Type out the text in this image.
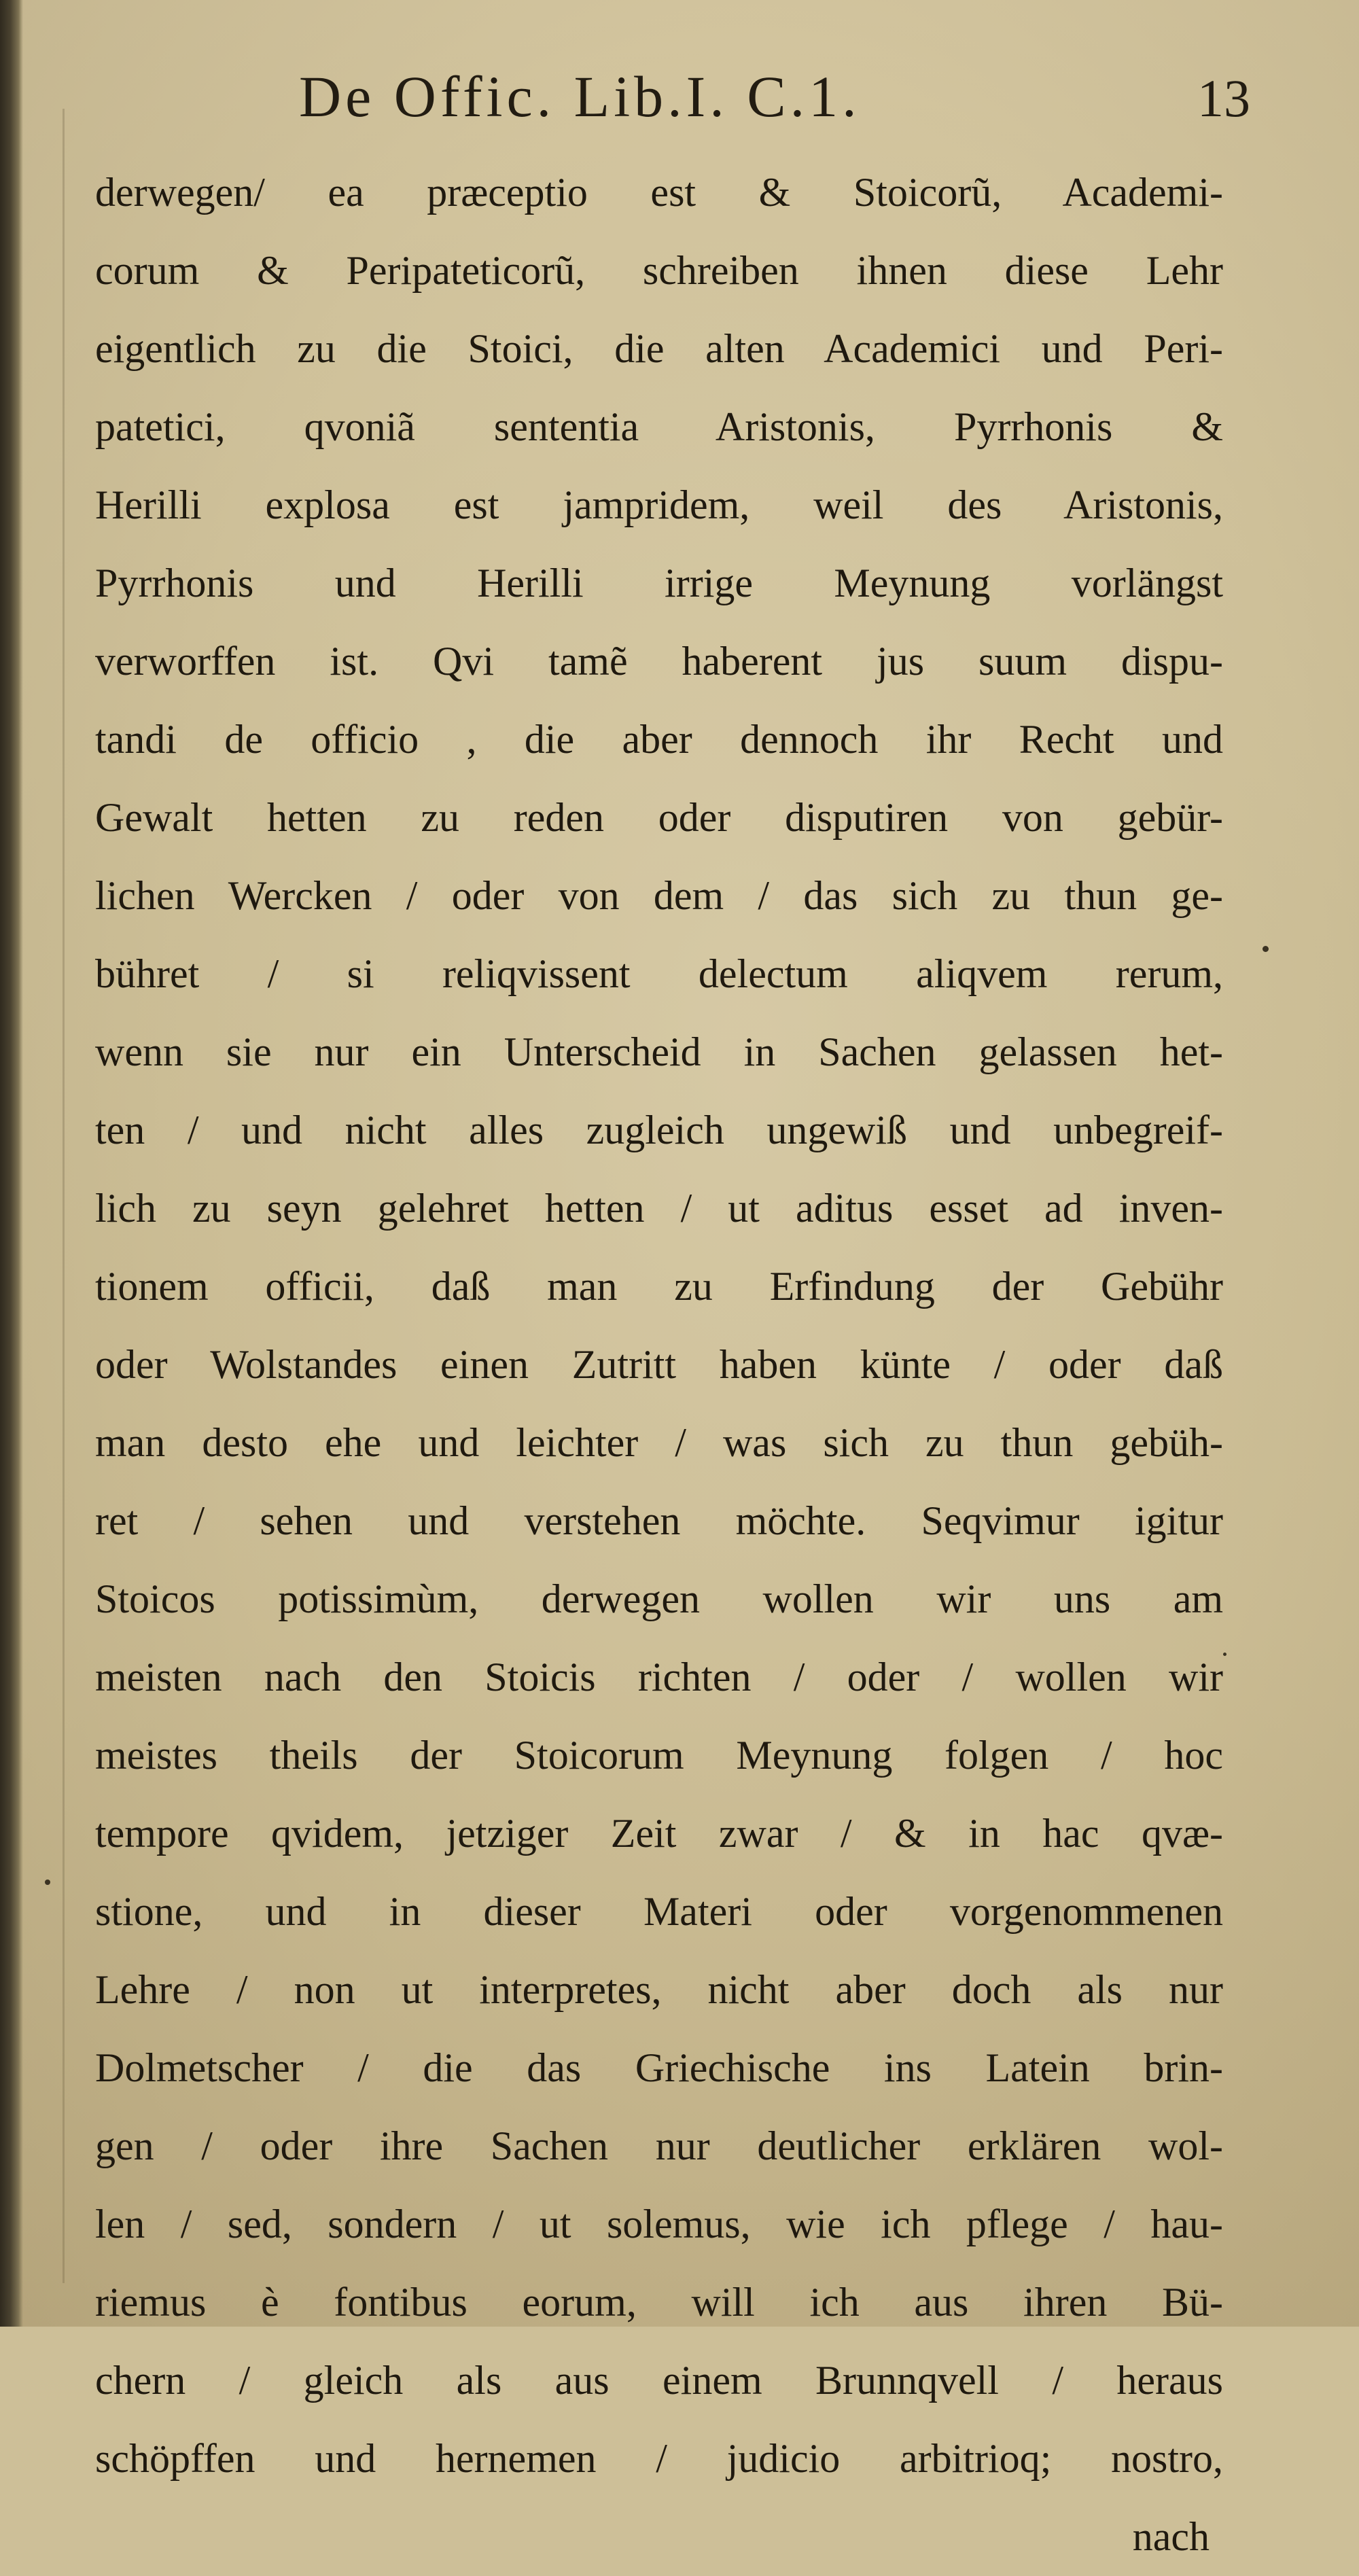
De Offic. Lib.I. C.1.	13
derwegen/ ea præceptio est & Stoicorũ, Academi-
corum & Peripateticorũ, schreiben ihnen diese Lehr
eigentlich zu die Stoici, die alten Academici und Peri-
patetici, qvoniã sententia Aristonis, Pyrrhonis &
Herilli explosa est jampridem, weil des Aristonis,
Pyrrhonis und Herilli irrige Meynung vorlängst
verworffen ist. Qvi tamẽ haberent jus suum dispu-
tandi de officio , die aber dennoch ihr Recht und
Gewalt hetten zu reden oder disputiren von gebür-
lichen Wercken / oder von dem / das sich zu thun ge-
bühret / si reliqvissent delectum aliqvem rerum,
wenn sie nur ein Unterscheid in Sachen gelassen het-
ten / und nicht alles zugleich ungewiß und unbegreif-
lich zu seyn gelehret hetten / ut aditus esset ad inven-
tionem officii, daß man zu Erfindung der Gebühr
oder Wolstandes einen Zutritt haben künte / oder daß
man desto ehe und leichter / was sich zu thun gebüh-
ret / sehen und verstehen möchte. Seqvimur igitur
Stoicos potissimùm, derwegen wollen wir uns am
meisten nach den Stoicis richten / oder / wollen wir
meistes theils der Stoicorum Meynung folgen / hoc
tempore qvidem, jetziger Zeit zwar / & in hac qvæ-
stione, und in dieser Materi oder vorgenommenen
Lehre / non ut interpretes, nicht aber doch als nur
Dolmetscher / die das Griechische ins Latein brin-
gen / oder ihre Sachen nur deutlicher erklären wol-
len / sed, sondern / ut solemus, wie ich pflege / hau-
riemus è fontibus eorum, will ich aus ihren Bü-
chern / gleich als aus einem Brunnqvell / heraus
schöpffen und hernemen / judicio arbitrioq; nostro,
nach
